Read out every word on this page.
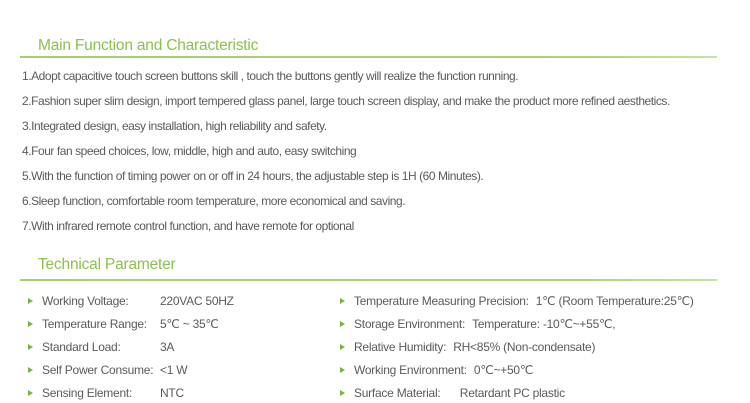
Main Function and Characteristic
1.Adopt capacitive touch screen buttons skill , touch the buttons gently will realize the function running.
2.Fashion super slim design, import tempered glass panel, large touch screen display, and make the product more refined aesthetics.
3.Integrated design, easy installation, high reliability and safety.
4.Four fan speed choices, low, middle, high and auto, easy switching
5.With the function of timing power on or off in 24 hours, the adjustable step is 1H (60 Minutes).
6.Sleep function, comfortable room temperature, more economical and saving.
7.With infrared remote control function, and have remote for optional
Technical Parameter
Working Voltage:	220VAC 50HZ
Temperature Range:	5℃ ~ 35℃
Standard Load:	3A
Self Power Consume: <1 W
Sensing Element:	NTC
Temperature Measuring Precision: 1℃ (Room Temperature:25℃)
Storage Environment: Temperature: -10℃~+55℃,
Relative Humidity: RH<85% (Non-condensate)
Working Environment: 0℃~+50℃
Surface Material: Retardant PC plastic
